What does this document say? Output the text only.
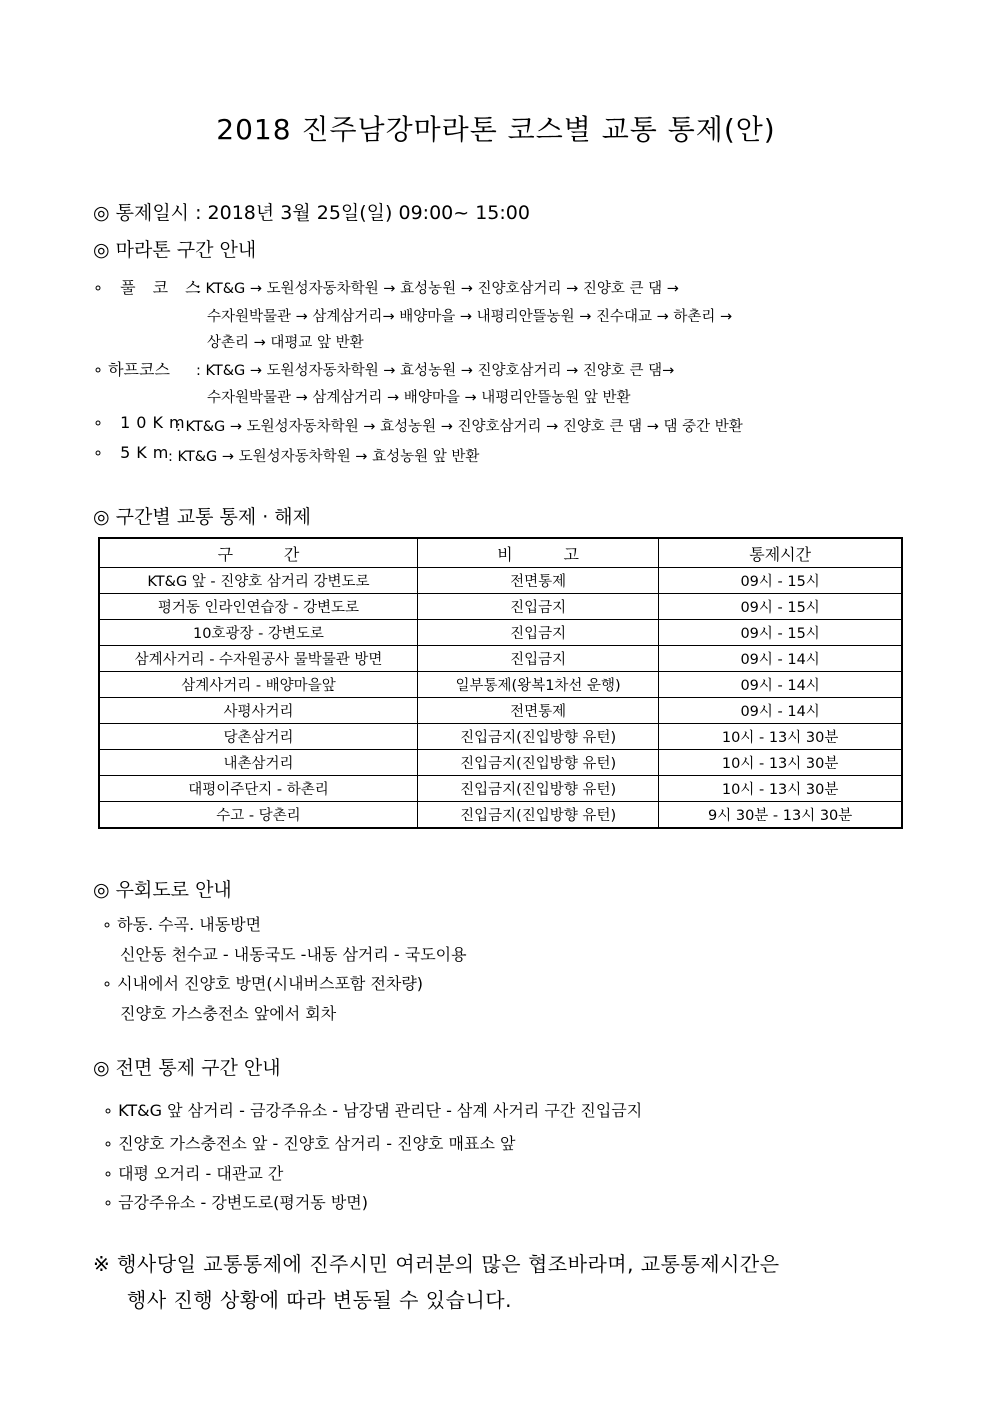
2018 진주남강마라톤 코스별 교통 통제(안)
◎ 통제일시 : 2018년 3월 25일(일) 09:00~ 15:00
◎ 마라톤 구간 안내
∘ 풀 코 스
: KT&G → 도원성자동차학원 → 효성농원 → 진양호삼거리 → 진양호 큰 댐 →
수자원박물관 → 삼계삼거리→ 배양마을 → 내평리안뜰농원 → 진수대교 → 하촌리 →
상촌리 → 대평교 앞 반환
∘ 하프코스 : KT&G → 도원성자동차학원 → 효성농원 → 진양호삼거리 → 진양호 큰 댐→
수자원박물관 → 삼계삼거리 → 배양마을 → 내평리안뜰농원 앞 반환
∘ 10Km
: KT&G → 도원성자동차학원 → 효성농원 → 진양호삼거리 → 진양호 큰 댐 → 댐 중간 반환
∘ 5Km
: KT&G → 도원성자동차학원 → 효성농원 앞 반환
◎ 구간별 교통 통제 · 해제
구          간	비          고	통제시간
KT&G 앞 - 진양호 삼거리 강변도로	전면통제	09시 - 15시
평거동 인라인연습장 - 강변도로	진입금지	09시 - 15시
10호광장 - 강변도로	진입금지	09시 - 15시
삼계사거리 - 수자원공사 물박물관 방면	진입금지	09시 - 14시
삼계사거리 - 배양마을앞	일부통제(왕복1차선 운행)	09시 - 14시
사평사거리	전면통제	09시 - 14시
당촌삼거리	진입금지(진입방향 유턴)	10시 - 13시 30분
내촌삼거리	진입금지(진입방향 유턴)	10시 - 13시 30분
대평이주단지 - 하촌리	진입금지(진입방향 유턴)	10시 - 13시 30분
수고 - 당촌리	진입금지(진입방향 유턴)	9시 30분 - 13시 30분
◎ 우회도로 안내
∘ 하동. 수곡. 내동방면
신안동 천수교 - 내동국도 -내동 삼거리 - 국도이용
∘ 시내에서 진양호 방면(시내버스포함 전차량)
진양호 가스충전소 앞에서 회차
◎ 전면 통제 구간 안내
∘ KT&G 앞 삼거리 - 금강주유소 - 남강댐 관리단 - 삼계 사거리 구간 진입금지
∘ 진양호 가스충전소 앞 - 진양호 삼거리 - 진양호 매표소 앞
∘ 대평 오거리 - 대관교 간
∘ 금강주유소 - 강변도로(평거동 방면)
※ 행사당일 교통통제에 진주시민 여러분의 많은 협조바라며, 교통통제시간은
행사 진행 상황에 따라 변동될 수 있습니다.
